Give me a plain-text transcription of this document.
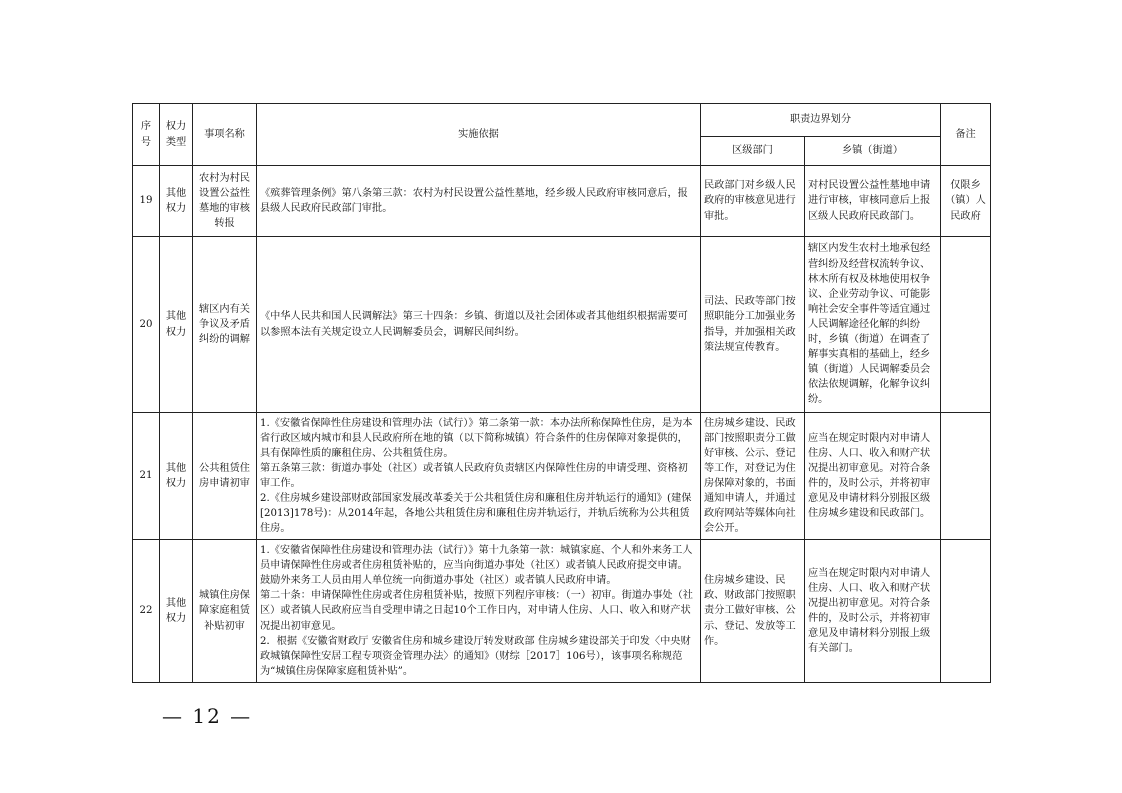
序号	权力类型	事项名称	实施依据	职责边界划分		备注
				区级部门	乡镇（街道）	
19	其他权力	农村为村民设置公益性墓地的审核转报	《殡葬管理条例》第八条第三款：农村为村民设置公益性墓地，经乡级人民政府审核同意后，报县级人民政府民政部门审批。	民政部门对乡级人民政府的审核意见进行审批。	对村民设置公益性墓地申请进行审核，审核同意后上报区级人民政府民政部门。	仅限乡（镇）人民政府
20	其他权力	辖区内有关争议及矛盾纠纷的调解	《中华人民共和国人民调解法》第三十四条：乡镇、街道以及社会团体或者其他组织根据需要可以参照本法有关规定设立人民调解委员会，调解民间纠纷。	司法、民政等部门按照职能分工加强业务指导，并加强相关政策法规宣传教育。	辖区内发生农村土地承包经营纠纷及经营权流转争议、林木所有权及林地使用权争议、企业劳动争议、可能影响社会安全事件等适宜通过人民调解途径化解的纠纷时，乡镇（街道）在调查了解事实真相的基础上，经乡镇（街道）人民调解委员会依法依规调解，化解争议纠纷。	
21	其他权力	公共租赁住房申请初审	1.《安徽省保障性住房建设和管理办法（试行）》第二条第一款：本办法所称保障性住房，是为本省行政区域内城市和县人民政府所在地的镇（以下简称城镇）符合条件的住房保障对象提供的，具有保障性质的廉租住房、公共租赁住房。
第五条第三款：街道办事处（社区）或者镇人民政府负责辖区内保障性住房的申请受理、资格初审工作。
2.《住房城乡建设部财政部国家发展改革委关于公共租赁住房和廉租住房并轨运行的通知》(建保[2013]178号)：从2014年起，各地公共租赁住房和廉租住房并轨运行，并轨后统称为公共租赁住房。	住房城乡建设、民政部门按照职责分工做好审核、公示、登记等工作，对登记为住房保障对象的，书面通知申请人，并通过政府网站等媒体向社会公开。	应当在规定时限内对申请人住房、人口、收入和财产状况提出初审意见。对符合条件的，及时公示，并将初审意见及申请材料分别报区级住房城乡建设和民政部门。	
22	其他权力	城镇住房保障家庭租赁补贴初审	1.《安徽省保障性住房建设和管理办法（试行）》第十九条第一款：城镇家庭、个人和外来务工人员申请保障性住房或者住房租赁补贴的，应当向街道办事处（社区）或者镇人民政府提交申请。鼓励外来务工人员由用人单位统一向街道办事处（社区）或者镇人民政府申请。
第二十条：申请保障性住房或者住房租赁补贴，按照下列程序审核：（一）初审。街道办事处（社区）或者镇人民政府应当自受理申请之日起10个工作日内，对申请人住房、人口、收入和财产状况提出初审意见。
2．根据《安徽省财政厅 安徽省住房和城乡建设厅转发财政部 住房城乡建设部关于印发〈中央财政城镇保障性安居工程专项资金管理办法〉的通知》（财综［2017］106号），该事项名称规范为“城镇住房保障家庭租赁补贴”。	住房城乡建设、民政、财政部门按照职责分工做好审核、公示、登记、发放等工作。	应当在规定时限内对申请人住房、人口、收入和财产状况提出初审意见。对符合条件的，及时公示，并将初审意见及申请材料分别报上级有关部门。	
— 12 —
